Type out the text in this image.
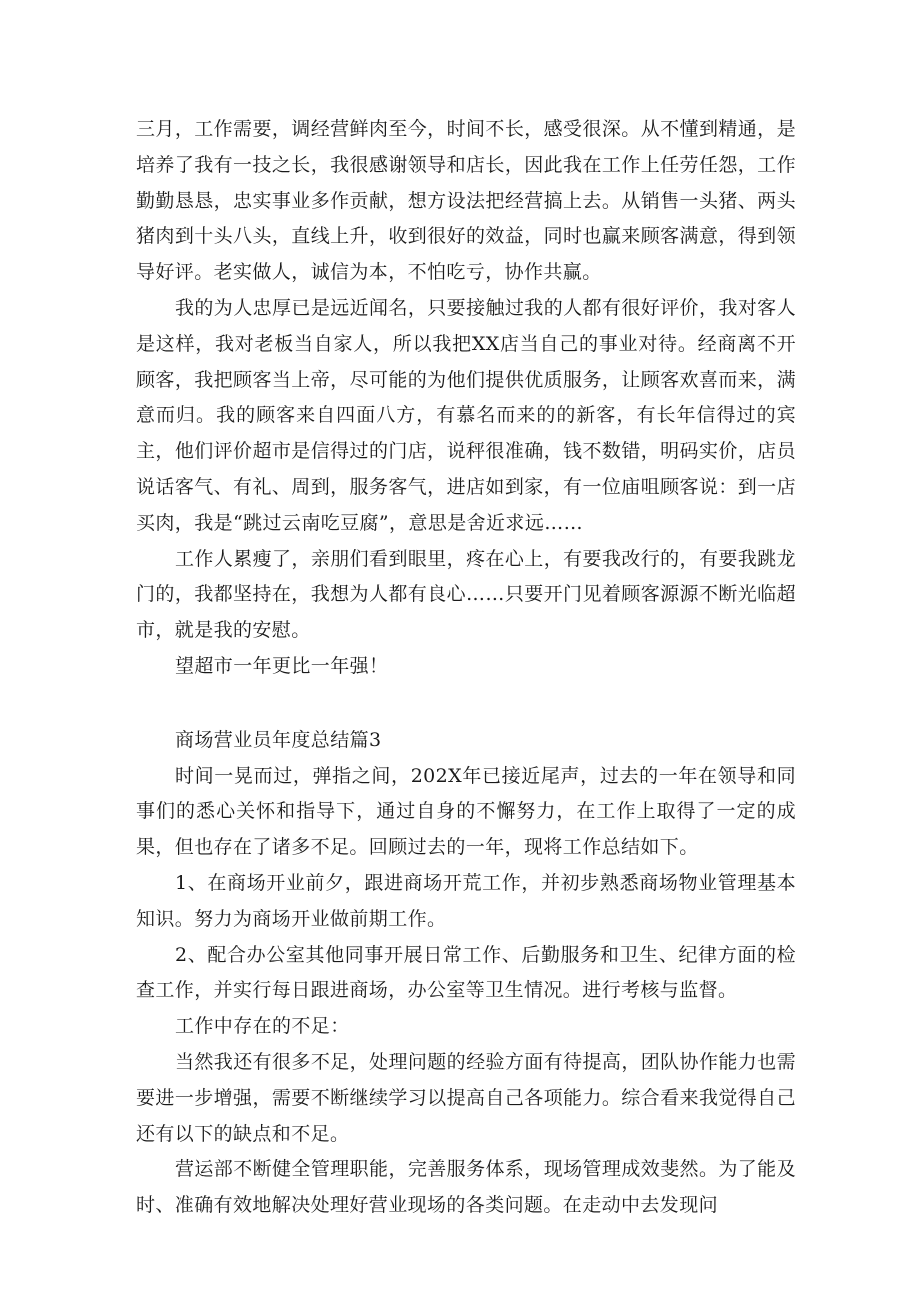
三月，工作需要，调经营鲜肉至今，时间不长，感受很深。从不懂到精通，是培养了我有一技之长，我很感谢领导和店长，因此我在工作上任劳任怨，工作勤勤恳恳，忠实事业多作贡献，想方设法把经营搞上去。从销售一头猪、两头猪肉到十头八头，直线上升，收到很好的效益，同时也赢来顾客满意，得到领导好评。老实做人，诚信为本，不怕吃亏，协作共赢。

我的为人忠厚已是远近闻名，只要接触过我的人都有很好评价，我对客人是这样，我对老板当自家人，所以我把XX店当自己的事业对待。经商离不开顾客，我把顾客当上帝，尽可能的为他们提供优质服务，让顾客欢喜而来，满意而归。我的顾客来自四面八方，有慕名而来的的新客，有长年信得过的宾主，他们评价超市是信得过的门店，说秤很准确，钱不数错，明码实价，店员说话客气、有礼、周到，服务客气，进店如到家，有一位庙咀顾客说：到一店买肉，我是“跳过云南吃豆腐”，意思是舍近求远……

工作人累瘦了，亲朋们看到眼里，疼在心上，有要我改行的，有要我跳龙门的，我都坚持在，我想为人都有良心……只要开门见着顾客源源不断光临超市，就是我的安慰。

望超市一年更比一年强！

商场营业员年度总结篇3

时间一晃而过，弹指之间，202X年已接近尾声，过去的一年在领导和同事们的悉心关怀和指导下，通过自身的不懈努力，在工作上取得了一定的成果，但也存在了诸多不足。回顾过去的一年，现将工作总结如下。

1、在商场开业前夕，跟进商场开荒工作，并初步熟悉商场物业管理基本知识。努力为商场开业做前期工作。

2、配合办公室其他同事开展日常工作、后勤服务和卫生、纪律方面的检查工作，并实行每日跟进商场，办公室等卫生情况。进行考核与监督。

工作中存在的不足：

当然我还有很多不足，处理问题的经验方面有待提高，团队协作能力也需要进一步增强，需要不断继续学习以提高自己各项能力。综合看来我觉得自己还有以下的缺点和不足。

营运部不断健全管理职能，完善服务体系，现场管理成效斐然。为了能及时、准确有效地解决处理好营业现场的各类问题。在走动中去发现问
